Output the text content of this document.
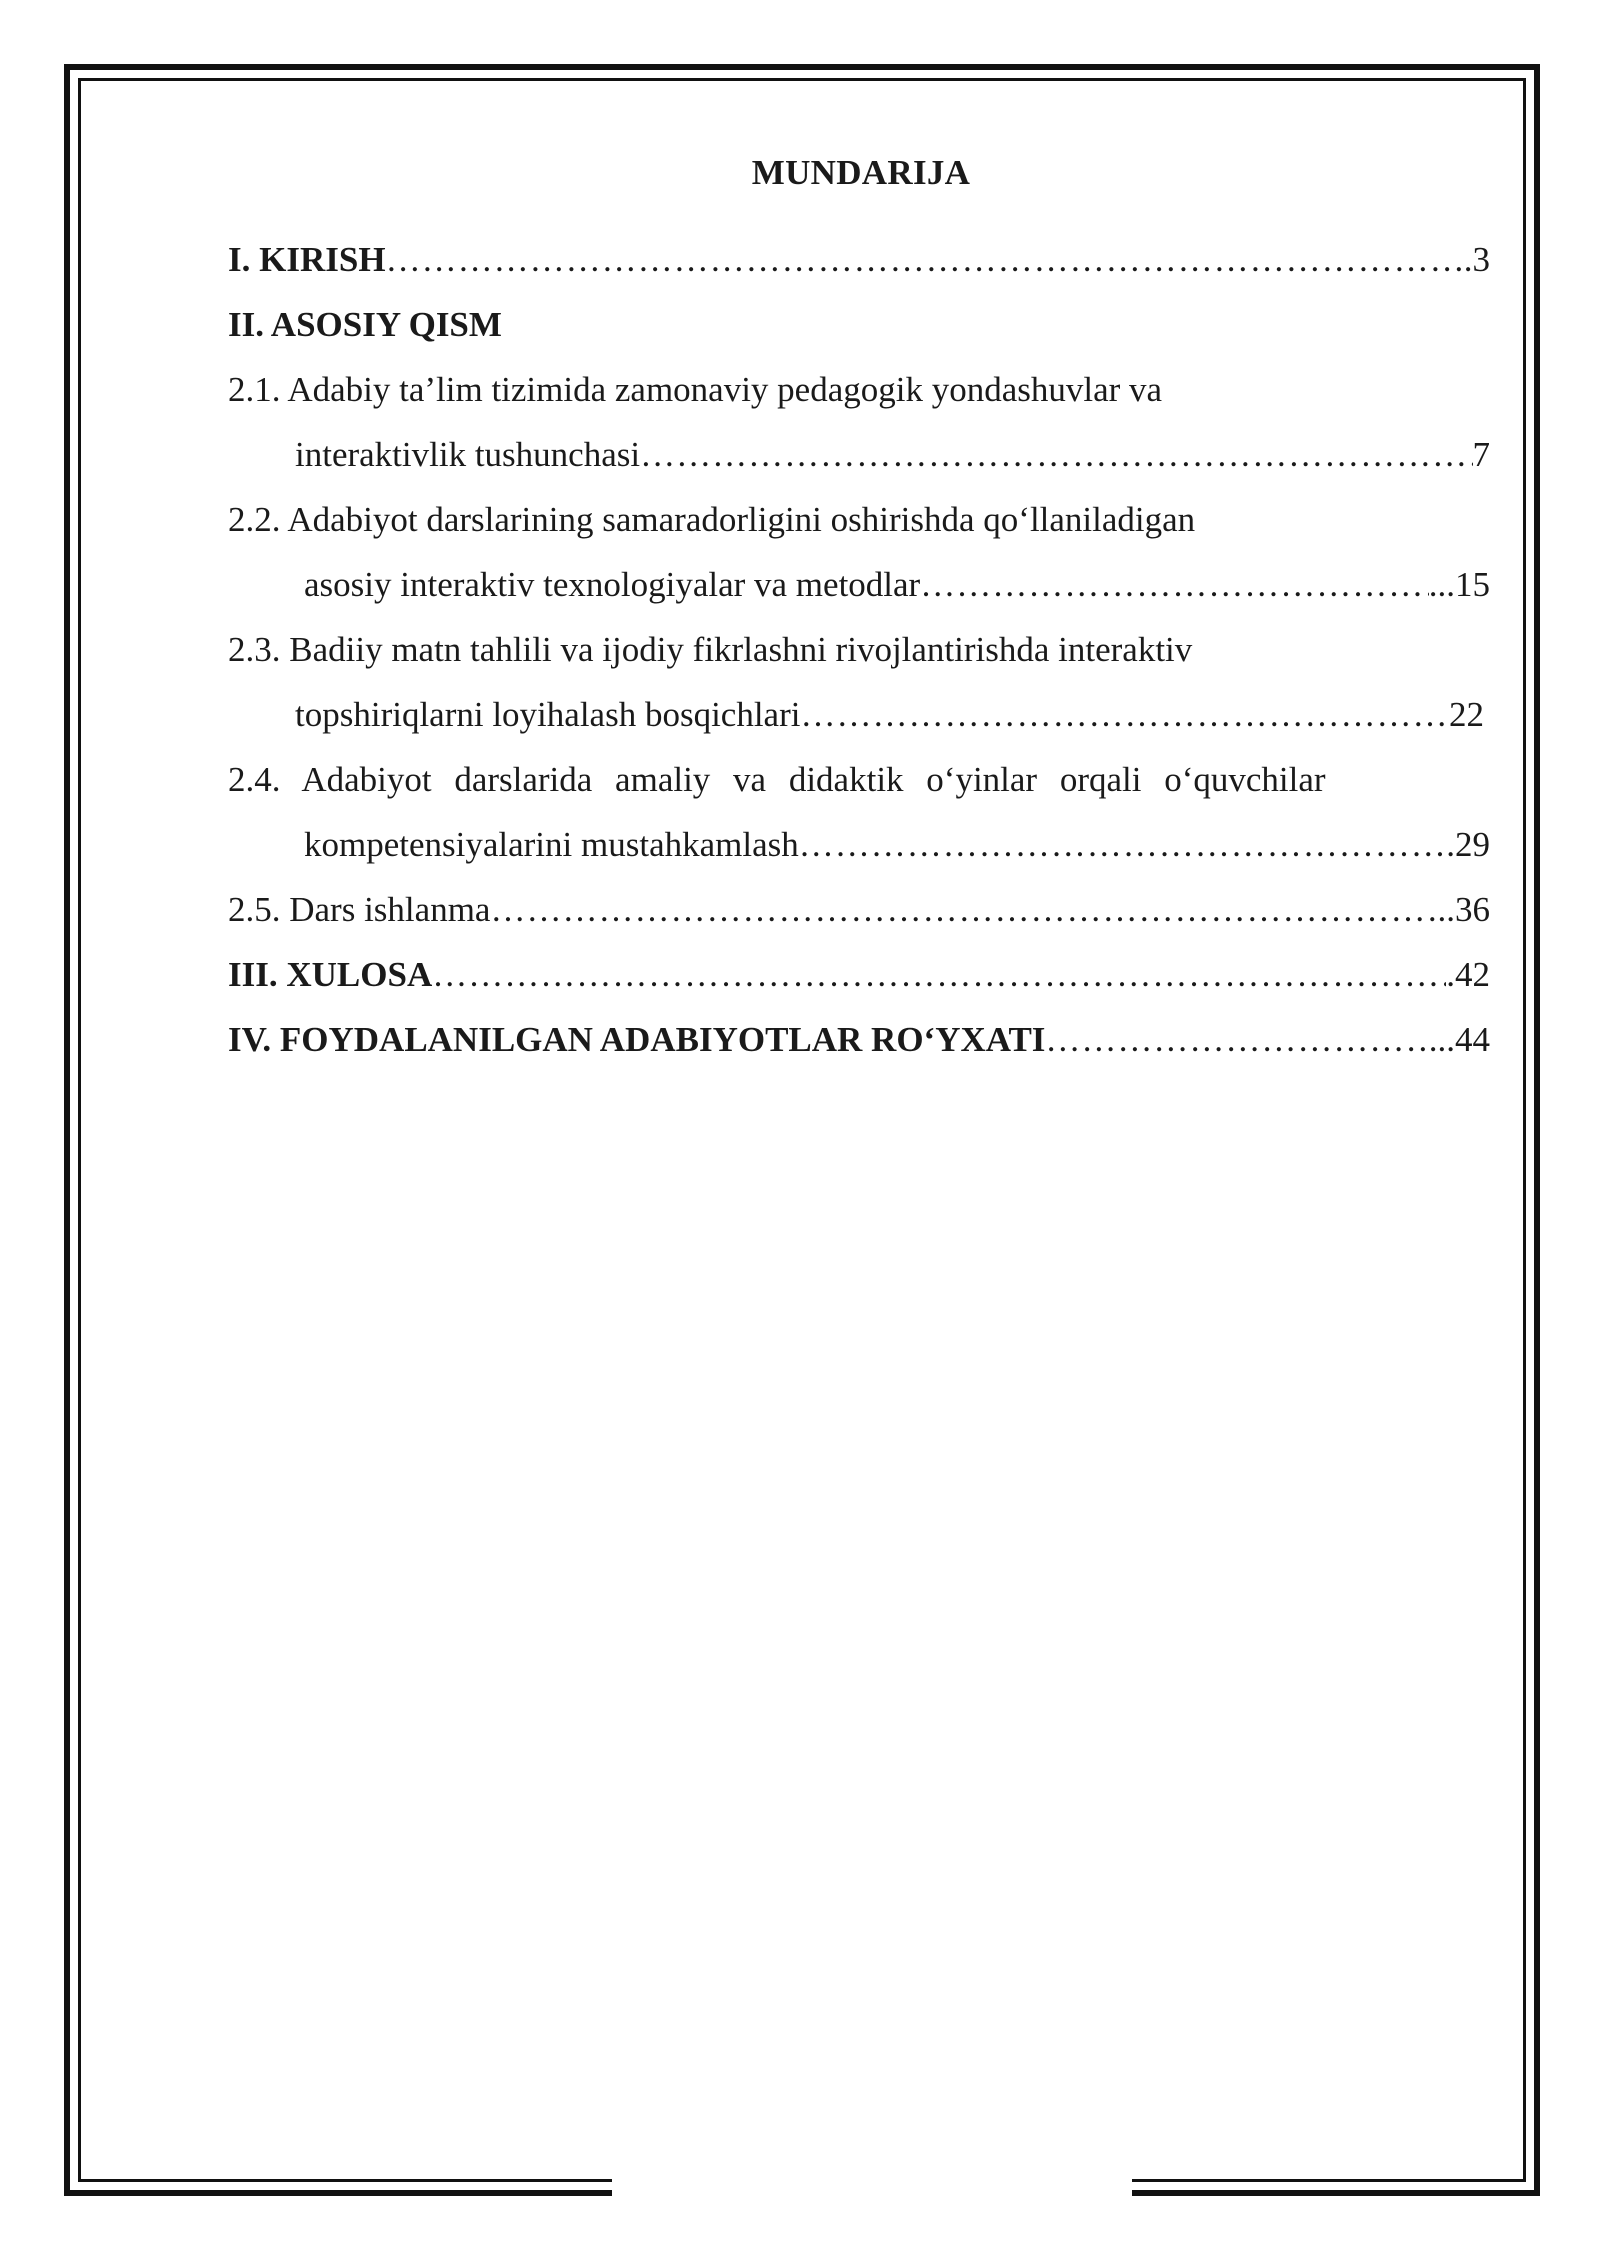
MUNDARIJA
I. KIRISH ……………………………………………………………………………………………………………………………………………………	.3
II. ASOSIY QISM
2.1. Adabiy ta’lim tizimida zamonaviy pedagogik yondashuvlar va
interaktivlik tushunchasi ……………………………………………………………………………………………………………………………………………………	7
2.2. Adabiyot darslarining samaradorligini oshirishda qo‘llaniladigan
asosiy interaktiv texnologiyalar va metodlar ……………………………………………………………………………………………………………………………………………………	...15
2.3. Badiiy matn tahlili va ijodiy fikrlashni rivojlantirishda interaktiv
topshiriqlarni loyihalash bosqichlari ……………………………………………………………………………………………………………………………………………………	22
2.4. Adabiyot darslarida amaliy va didaktik o‘yinlar orqali o‘quvchilar
kompetensiyalarini mustahkamlash ……………………………………………………………………………………………………………………………………………………	.29
2.5. Dars ishlanma ……………………………………………………………………………………………………………………………………………………	..36
III. XULOSA ……………………………………………………………………………………………………………………………………………………	.42
IV. FOYDALANILGAN ADABIYOTLAR RO‘YXATI ……………………………………………………………………………………………………………………………………………………	...44
